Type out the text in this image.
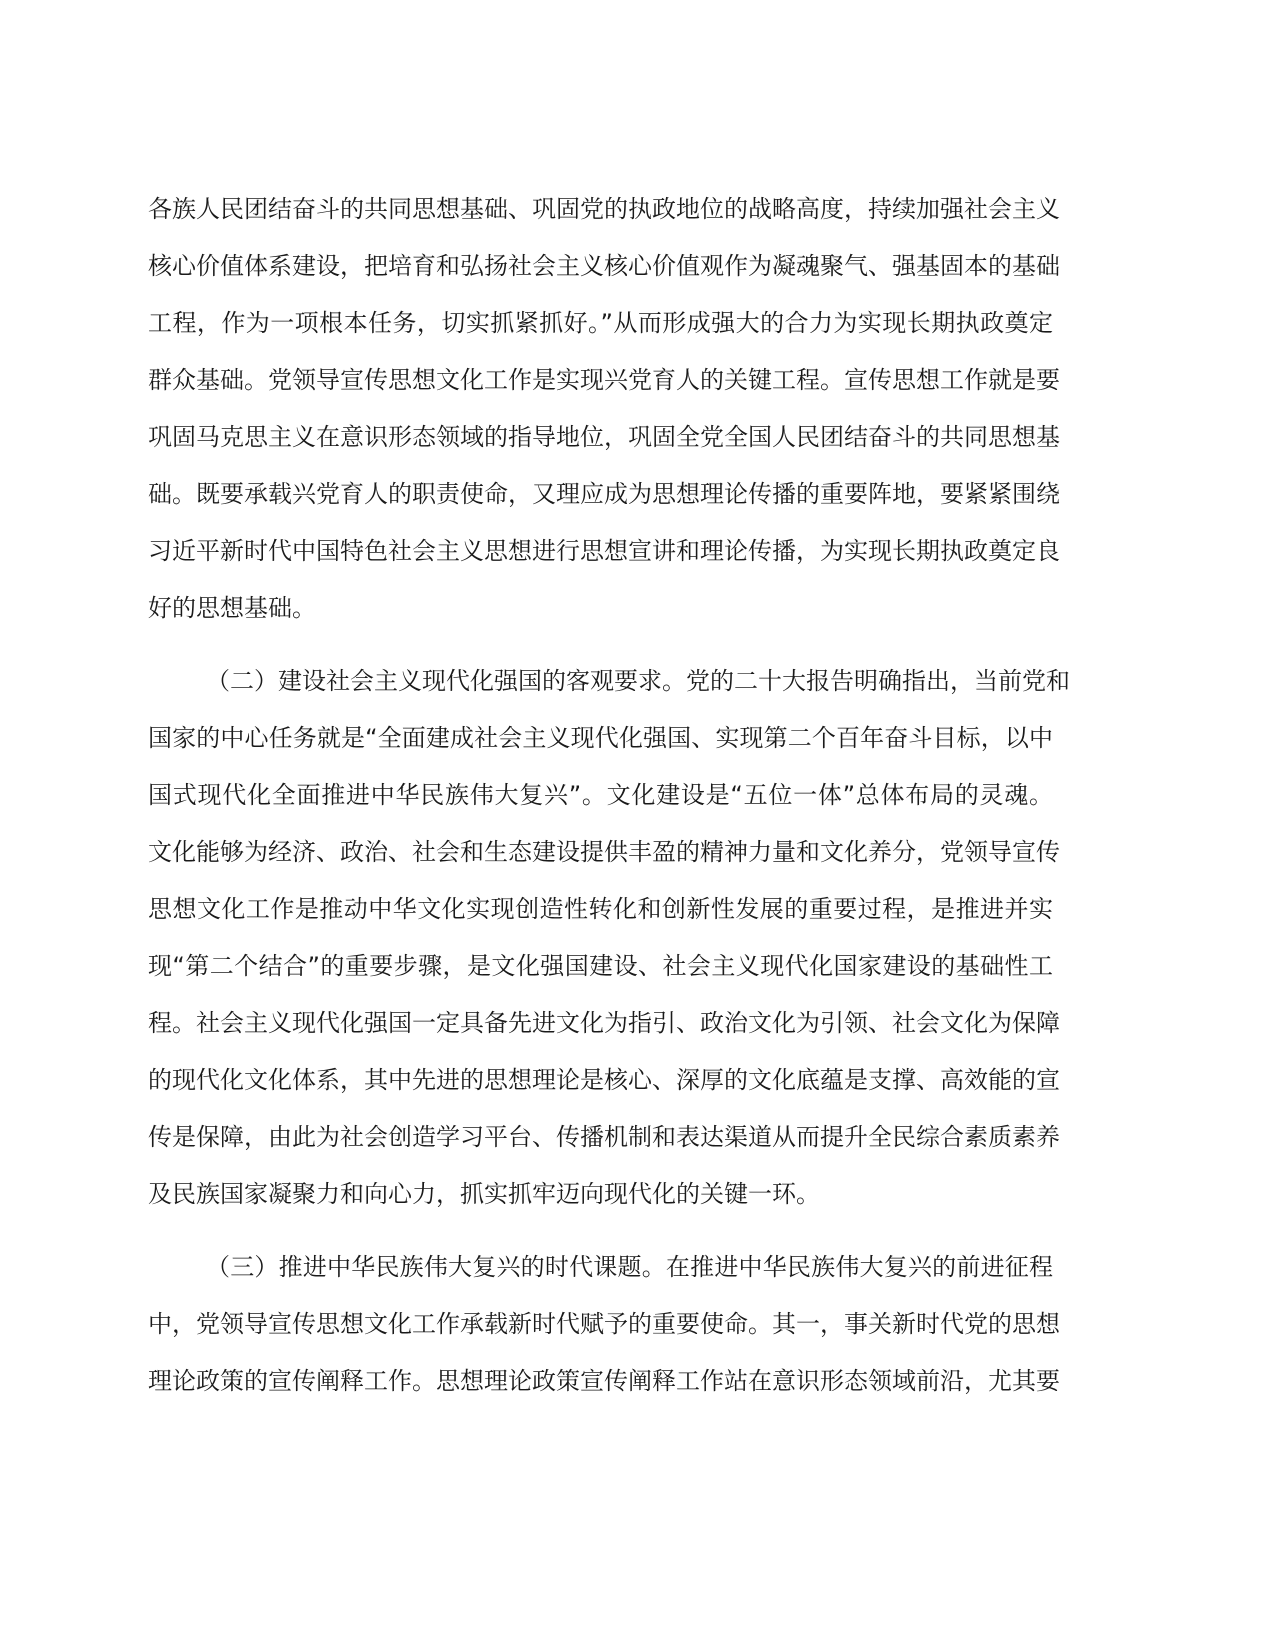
各族人民团结奋斗的共同思想基础、巩固党的执政地位的战略高度，持续加强社会主义
核心价值体系建设，把培育和弘扬社会主义核心价值观作为凝魂聚气、强基固本的基础
工程，作为一项根本任务，切实抓紧抓好。”从而形成强大的合力为实现长期执政奠定
群众基础。党领导宣传思想文化工作是实现兴党育人的关键工程。宣传思想工作就是要
巩固马克思主义在意识形态领域的指导地位，巩固全党全国人民团结奋斗的共同思想基
础。既要承载兴党育人的职责使命，又理应成为思想理论传播的重要阵地，要紧紧围绕
习近平新时代中国特色社会主义思想进行思想宣讲和理论传播，为实现长期执政奠定良
好的思想基础。
（二）建设社会主义现代化强国的客观要求。党的二十大报告明确指出，当前党和
国家的中心任务就是“全面建成社会主义现代化强国、实现第二个百年奋斗目标，以中
国式现代化全面推进中华民族伟大复兴”。文化建设是“五位一体”总体布局的灵魂。
文化能够为经济、政治、社会和生态建设提供丰盈的精神力量和文化养分，党领导宣传
思想文化工作是推动中华文化实现创造性转化和创新性发展的重要过程，是推进并实
现“第二个结合”的重要步骤，是文化强国建设、社会主义现代化国家建设的基础性工
程。社会主义现代化强国一定具备先进文化为指引、政治文化为引领、社会文化为保障
的现代化文化体系，其中先进的思想理论是核心、深厚的文化底蕴是支撑、高效能的宣
传是保障，由此为社会创造学习平台、传播机制和表达渠道从而提升全民综合素质素养
及民族国家凝聚力和向心力，抓实抓牢迈向现代化的关键一环。
（三）推进中华民族伟大复兴的时代课题。在推进中华民族伟大复兴的前进征程
中，党领导宣传思想文化工作承载新时代赋予的重要使命。其一，事关新时代党的思想
理论政策的宣传阐释工作。思想理论政策宣传阐释工作站在意识形态领域前沿，尤其要
